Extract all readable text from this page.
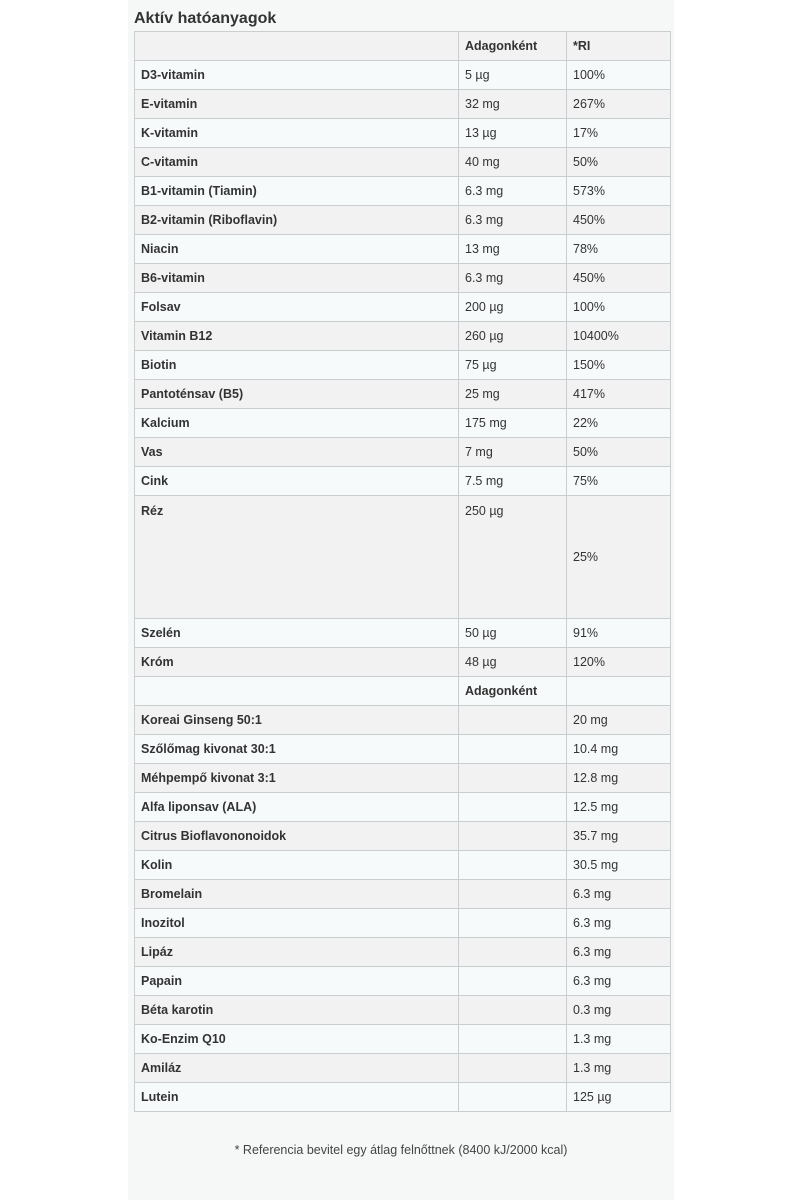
Aktív hatóanyagok
	Adagonként	*RI
D3-vitamin	5 µg	100%
E-vitamin	32 mg	267%
K-vitamin	13 µg	17%
C-vitamin	40 mg	50%
B1-vitamin (Tiamin)	6.3 mg	573%
B2-vitamin (Riboflavin)	6.3 mg	450%
Niacin	13 mg	78%
B6-vitamin	6.3 mg	450%
Folsav	200 µg	100%
Vitamin B12	260 µg	10400%
Biotin	75 µg	150%
Pantoténsav (B5)	25 mg	417%
Kalcium	175 mg	22%
Vas	7 mg	50%
Cink	7.5 mg	75%
Réz	250 µg	25%
Szelén	50 µg	91%
Króm	48 µg	120%
	Adagonként	
Koreai Ginseng 50:1		20 mg
Szőlőmag kivonat 30:1		10.4 mg
Méhpempő kivonat 3:1		12.8 mg
Alfa liponsav (ALA)		12.5 mg
Citrus Bioflavononoidok		35.7 mg
Kolin		30.5 mg
Bromelain		6.3 mg
Inozitol		6.3 mg
Lipáz		6.3 mg
Papain		6.3 mg
Béta karotin		0.3 mg
Ko-Enzim Q10		1.3 mg
Amiláz		1.3 mg
Lutein		125 µg
* Referencia bevitel egy átlag felnőttnek (8400 kJ/2000 kcal)
